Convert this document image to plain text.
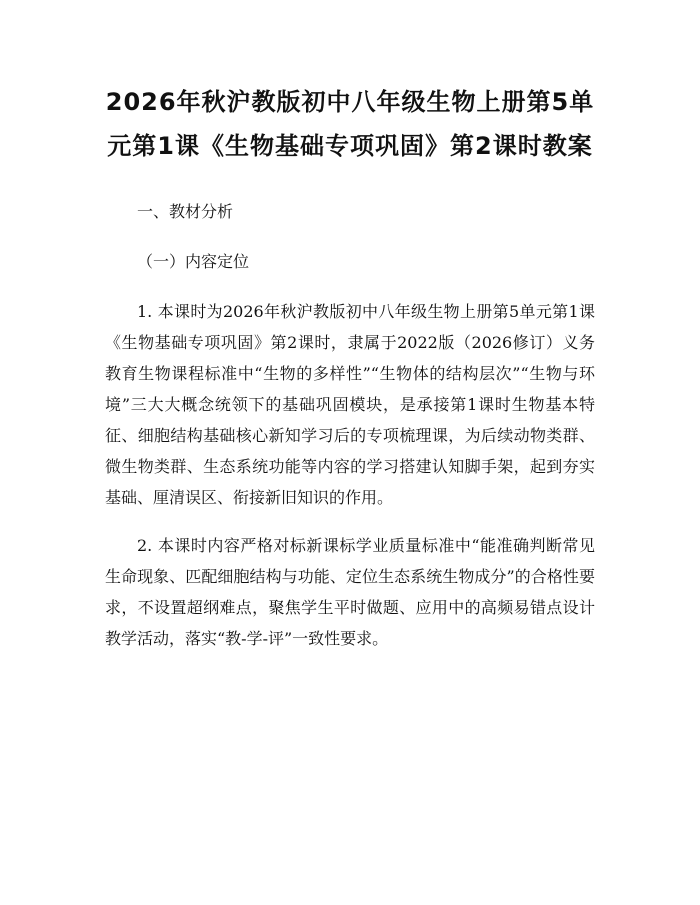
2026年秋沪教版初中八年级生物上册第5单元第1课《生物基础专项巩固》第2课时教案

一、教材分析

（一）内容定位

1. 本课时为2026年秋沪教版初中八年级生物上册第5单元第1课《生物基础专项巩固》第2课时，隶属于2022版（2026修订）义务教育生物课程标准中“生物的多样性”“生物体的结构层次”“生物与环境”三大大概念统领下的基础巩固模块，是承接第1课时生物基本特征、细胞结构基础核心新知学习后的专项梳理课，为后续动物类群、微生物类群、生态系统功能等内容的学习搭建认知脚手架，起到夯实基础、厘清误区、衔接新旧知识的作用。

2. 本课时内容严格对标新课标学业质量标准中“能准确判断常见生命现象、匹配细胞结构与功能、定位生态系统生物成分”的合格性要求，不设置超纲难点，聚焦学生平时做题、应用中的高频易错点设计教学活动，落实“教-学-评”一致性要求。
